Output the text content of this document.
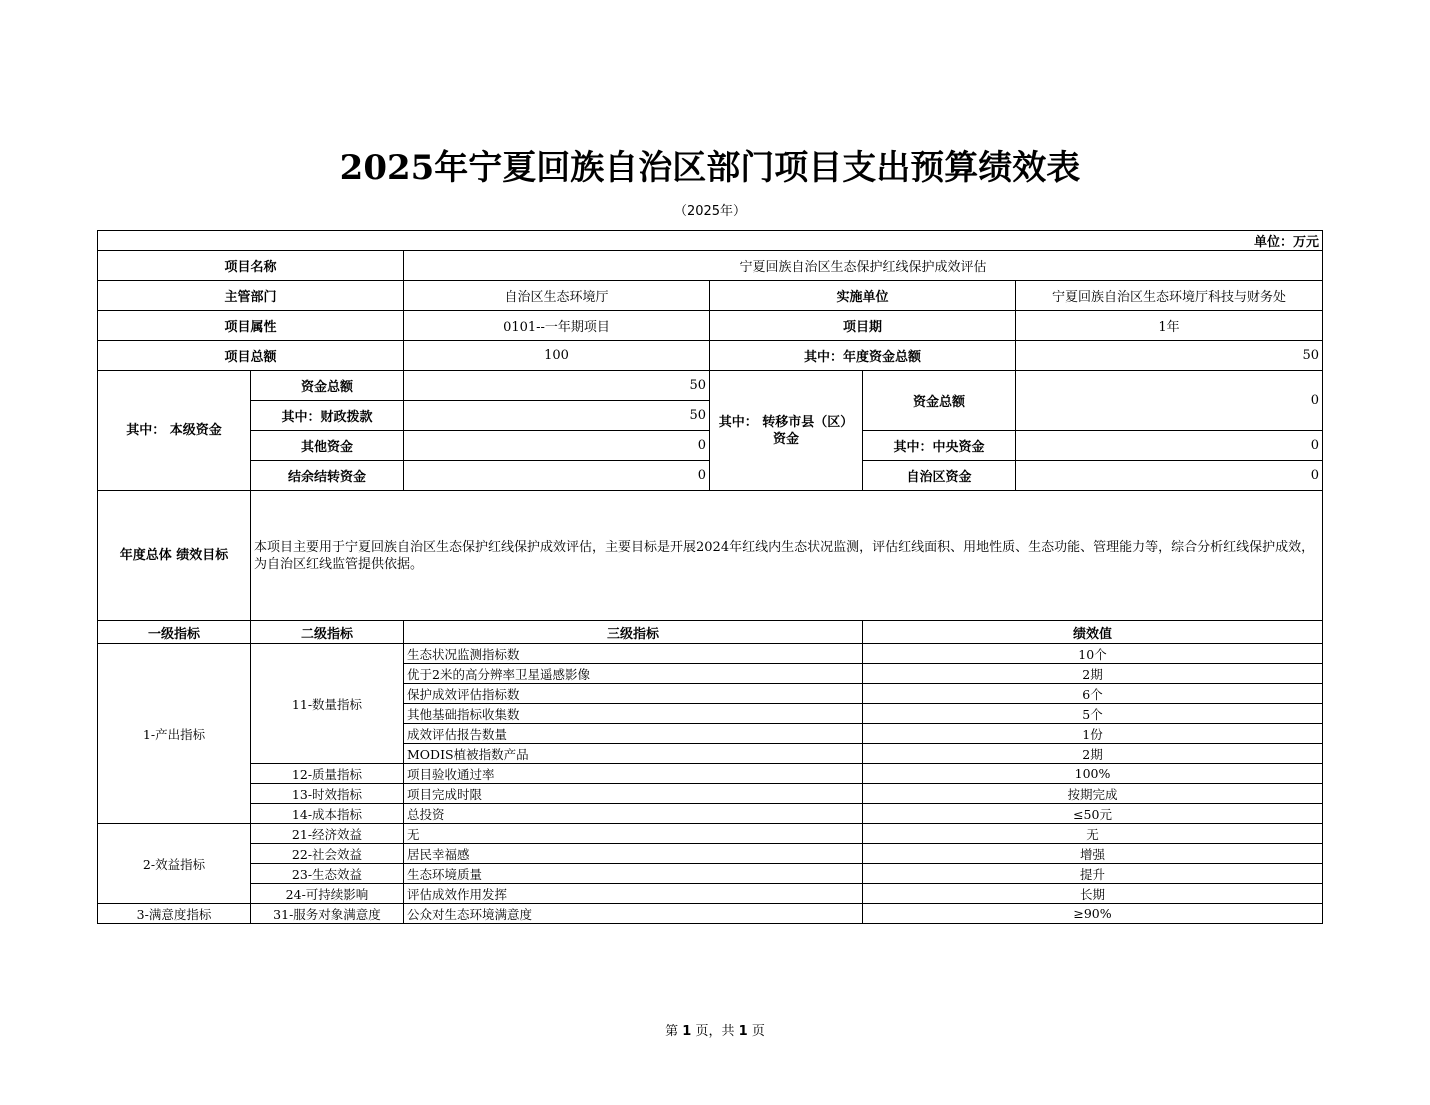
2025年宁夏回族自治区部门项目支出预算绩效表
（2025年）
单位：万元					
项目名称		宁夏回族自治区生态保护红线保护成效评估			
主管部门		自治区生态环境厅	实施单位		宁夏回族自治区生态环境厅科技与财务处
项目属性		0101--一年期项目	项目期		1年
项目总额		100	其中：年度资金总额		50
其中： 本级资金	资金总额	50	其中： 转移市县（区）资金	资金总额	0
	其中：财政拨款	50			
	其他资金	0		其中：中央资金	0
	结余结转资金	0		自治区资金	0
年度总体 绩效目标	本项目主要用于宁夏回族自治区生态保护红线保护成效评估，主要目标是开展2024年红线内生态状况监测，评估红线面积、用地性质、生态功能、管理能力等，综合分析红线保护成效，为自治区红线监管提供依据。				
一级指标	二级指标	三级指标		绩效值	
1-产出指标	11-数量指标	生态状况监测指标数		10个	
		优于2米的高分辨率卫星遥感影像		2期	
		保护成效评估指标数		6个	
		其他基础指标收集数		5个	
		成效评估报告数量		1份	
		MODIS植被指数产品		2期	
	12-质量指标	项目验收通过率		100%	
	13-时效指标	项目完成时限		按期完成	
	14-成本指标	总投资		≤50元	
2-效益指标	21-经济效益	无		无	
	22-社会效益	居民幸福感		增强	
	23-生态效益	生态环境质量		提升	
	24-可持续影响	评估成效作用发挥		长期	
3-满意度指标	31-服务对象满意度	公众对生态环境满意度		≥90%	
第 1 页，共 1 页
